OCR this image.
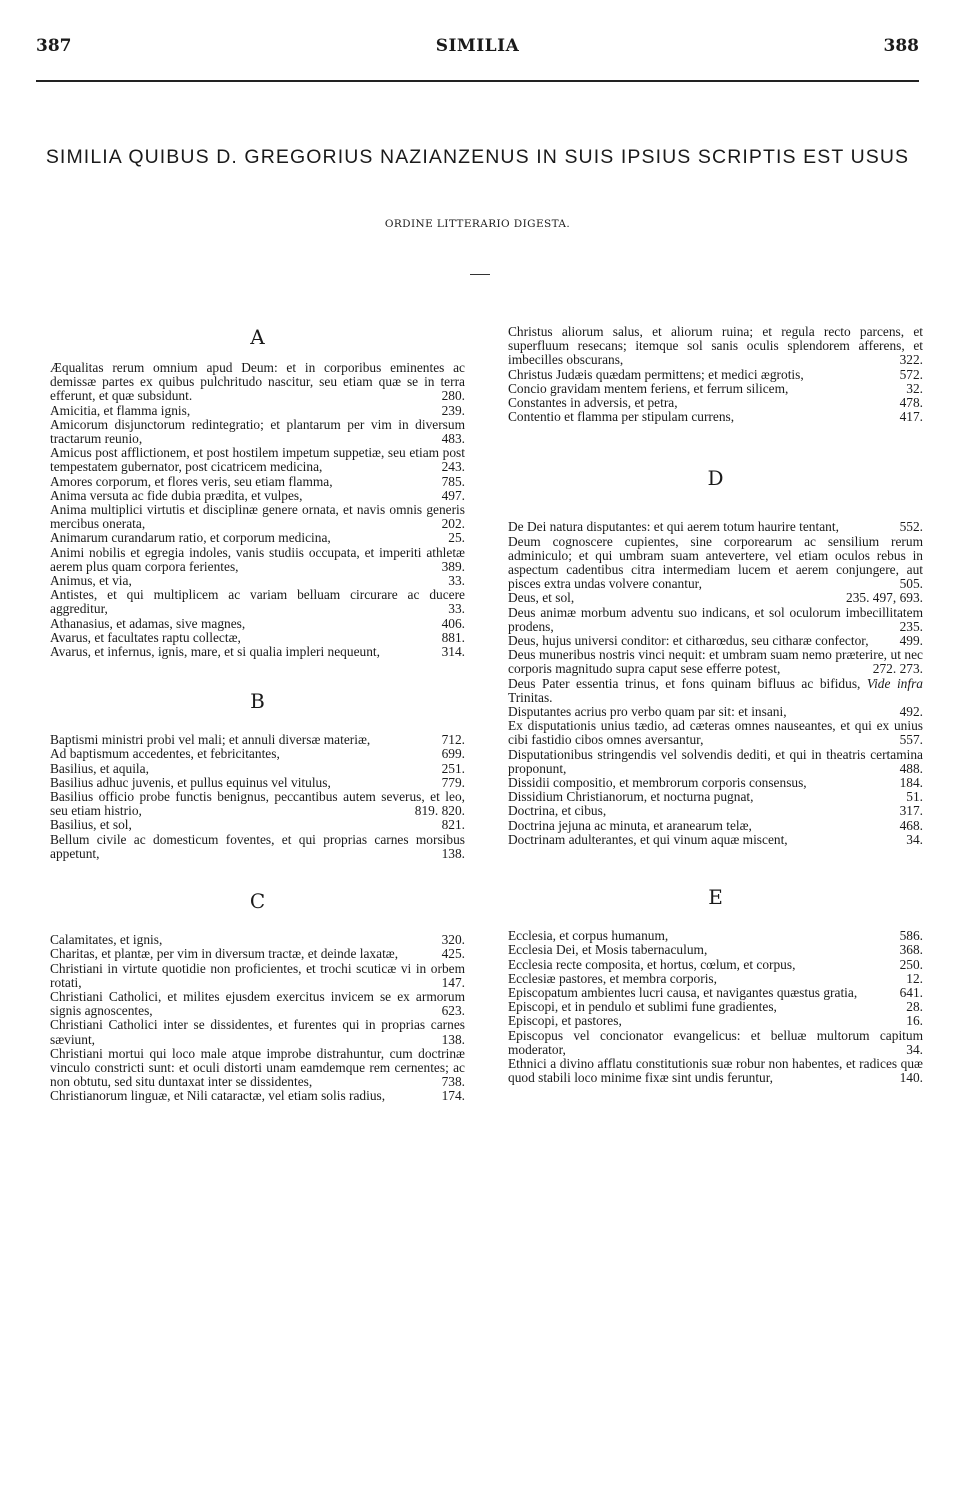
387	SIMILIA	388
SIMILIA QUIBUS D. GREGORIUS NAZIANZENUS IN SUIS IPSIUS SCRIPTIS EST USUS
ORDINE LITTERARIO DIGESTA.
A

Æqualitas rerum omnium apud Deum: et in corporibus eminentes ac demissæ partes ex quibus pulchritudo nascitur, seu etiam quæ se in terra efferunt, et quæ subsidunt.	280.

Amicitia, et flamma ignis,	239.

Amicorum disjunctorum redintegratio; et plantarum per vim in diversum tractarum reunio,	483.

Amicus post afflictionem, et post hostilem impetum suppetiæ, seu etiam post tempestatem gubernator, post cicatricem medicina,	243.

Amores corporum, et flores veris, seu etiam flamma,	785.

Anima versuta ac fide dubia prædita, et vulpes,	497.

Anima multiplici virtutis et disciplinæ genere ornata, et navis omnis generis mercibus onerata,	202.

Animarum curandarum ratio, et corporum medicina,	25.

Animi nobilis et egregia indoles, vanis studiis occupata, et imperiti athletæ aerem plus quam corpora ferientes,	389.

Animus, et via,	33.

Antistes, et qui multiplicem ac variam belluam circurare ac ducere aggreditur,	33.

Athanasius, et adamas, sive magnes,	406.

Avarus, et facultates raptu collectæ,	881.

Avarus, et infernus, ignis, mare, et si qualia impleri nequeunt,	314.

B

Baptismi ministri probi vel mali; et annuli diversæ materiæ,	712.

Ad baptismum accedentes, et febricitantes,	699.

Basilius, et aquila,	251.

Basilius adhuc juvenis, et pullus equinus vel vitulus,	779.

Basilius officio probe functis benignus, peccantibus autem severus, et leo, seu etiam histrio,	819. 820.

Basilius, et sol,	821.

Bellum civile ac domesticum foventes, et qui proprias carnes morsibus appetunt,	138.

C

Calamitates, et ignis,	320.

Charitas, et plantæ, per vim in diversum tractæ, et deinde laxatæ,	425.

Christiani in virtute quotidie non proficientes, et trochi scuticæ vi in orbem rotati,	147.

Christiani Catholici, et milites ejusdem exercitus invicem se ex armorum signis agnoscentes,	623.

Christiani Catholici inter se dissidentes, et furentes qui in proprias carnes sæviunt,	138.

Christiani mortui qui loco male atque improbe distrahuntur, cum doctrinæ vinculo constricti sunt: et oculi distorti unam eamdemque rem cernentes; ac non obtutu, sed situ duntaxat inter se dissidentes,	738.

Christianorum linguæ, et Nili cataractæ, vel etiam solis radius,	174.

Christus aliorum salus, et aliorum ruina; et regula recto parcens, et superfluum resecans; itemque sol sanis oculis splendorem afferens, et imbecilles obscurans,	322.

Christus Judæis quædam permittens; et medici ægrotis,	572.

Concio gravidam mentem feriens, et ferrum silicem,	32.

Constantes in adversis, et petra,	478.

Contentio et flamma per stipulam currens,	417.

D

De Dei natura disputantes: et qui aerem totum haurire tentant,	552.

Deum cognoscere cupientes, sine corporearum ac sensilium rerum adminiculo; et qui umbram suam antevertere, vel etiam oculos rebus in aspectum cadentibus citra intermediam lucem et aerem conjungere, aut pisces extra undas volvere conantur,	505.

Deus, et sol,	235. 497, 693.

Deus animæ morbum adventu suo indicans, et sol oculorum imbecillitatem prodens,	235.

Deus, hujus universi conditor: et citharœdus, seu citharæ confector,	499.

Deus muneribus nostris vinci nequit: et umbram suam nemo præterire, ut nec corporis magnitudo supra caput sese efferre potest,	272. 273.

Deus Pater essentia trinus, et fons quinam bifluus ac bifidus, Vide infra Trinitas.

Disputantes acrius pro verbo quam par sit: et insani,	492.

Ex disputationis unius tædio, ad cæteras omnes nauseantes, et qui ex unius cibi fastidio cibos omnes aversantur,	557.

Disputationibus stringendis vel solvendis dediti, et qui in theatris certamina proponunt,	488.

Dissidii compositio, et membrorum corporis consensus,	184.

Dissidium Christianorum, et nocturna pugnat,	51.

Doctrina, et cibus,	317.

Doctrina jejuna ac minuta, et aranearum telæ,	468.

Doctrinam adulterantes, et qui vinum aquæ miscent,	34.

E

Ecclesia, et corpus humanum,	586.

Ecclesia Dei, et Mosis tabernaculum,	368.

Ecclesia recte composita, et hortus, cœlum, et corpus,	250.

Ecclesiæ pastores, et membra corporis,	12.

Episcopatum ambientes lucri causa, et navigantes quæstus gratia,	641.

Episcopi, et in pendulo et sublimi fune gradientes,	28.

Episcopi, et pastores,	16.

Episcopus vel concionator evangelicus: et belluæ multorum capitum moderator,	34.

Ethnici a divino afflatu constitutionis suæ robur non habentes, et radices quæ quod stabili loco minime fixæ sint undis feruntur,	140.
